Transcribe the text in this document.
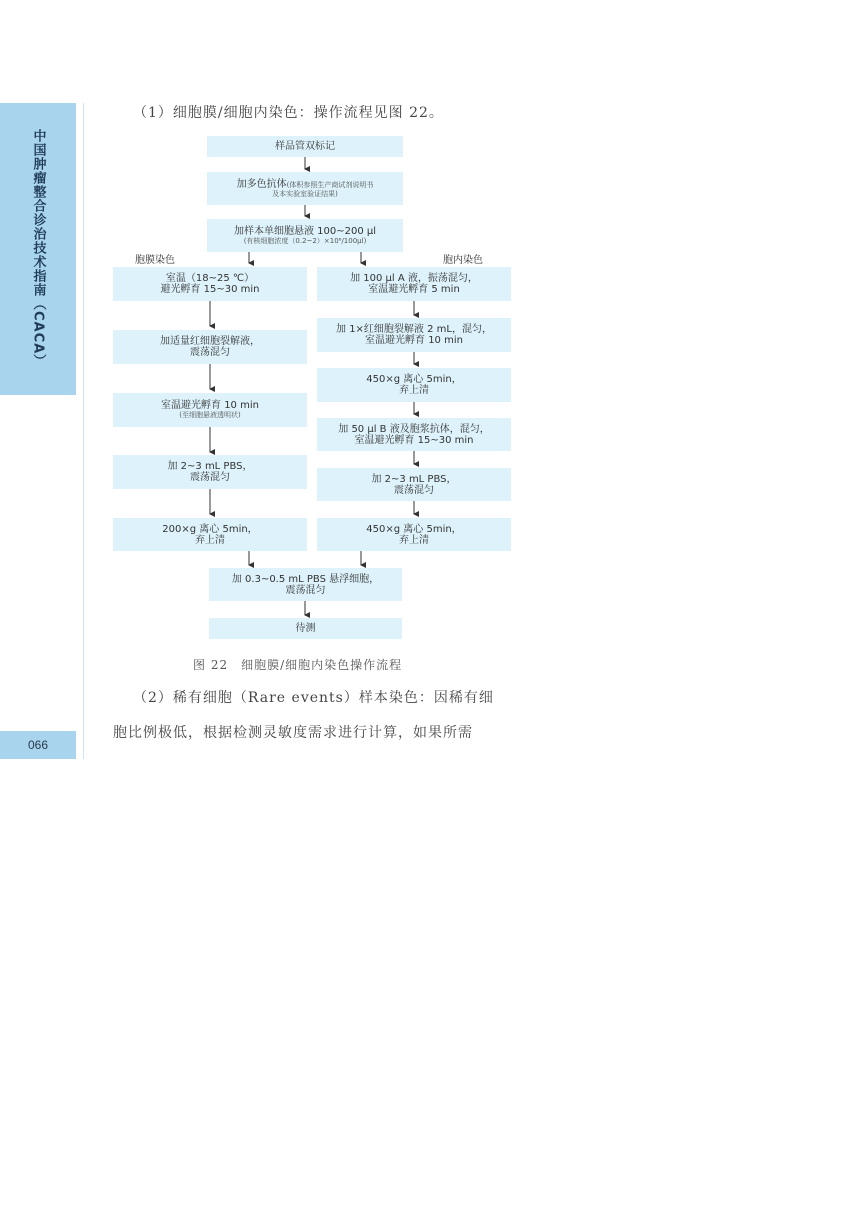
中国肿瘤整合诊治技术指南（CACA）
066
（1）细胞膜/细胞内染色：操作流程见图 22。
样品管双标记
加多色抗体(体积参照生产商试剂说明书
及本实验室验证结果)
加样本单细胞悬液 100~200 μl
(有核细胞浓度（0.2~2）×10⁶/100μl)
胞膜染色	胞内染色
室温（18~25 ℃）
避光孵育 15~30 min
加适量红细胞裂解液，
震荡混匀
室温避光孵育 10 min
(至细胞悬液透明状)
加 2~3 mL PBS，
震荡混匀
200×g 离心 5min，
弃上清
加 100 μl A 液，振荡混匀，
室温避光孵育 5 min
加 1×红细胞裂解液 2 mL，混匀，
室温避光孵育 10 min
450×g 离心 5min，
弃上清
加 50 μl B 液及胞浆抗体，混匀，
室温避光孵育 15~30 min
加 2~3 mL PBS，
震荡混匀
450×g 离心 5min，
弃上清
加 0.3~0.5 mL PBS 悬浮细胞，
震荡混匀
待测
图 22　细胞膜/细胞内染色操作流程
（2）稀有细胞（Rare events）样本染色：因稀有细
胞比例极低，根据检测灵敏度需求进行计算，如果所需
